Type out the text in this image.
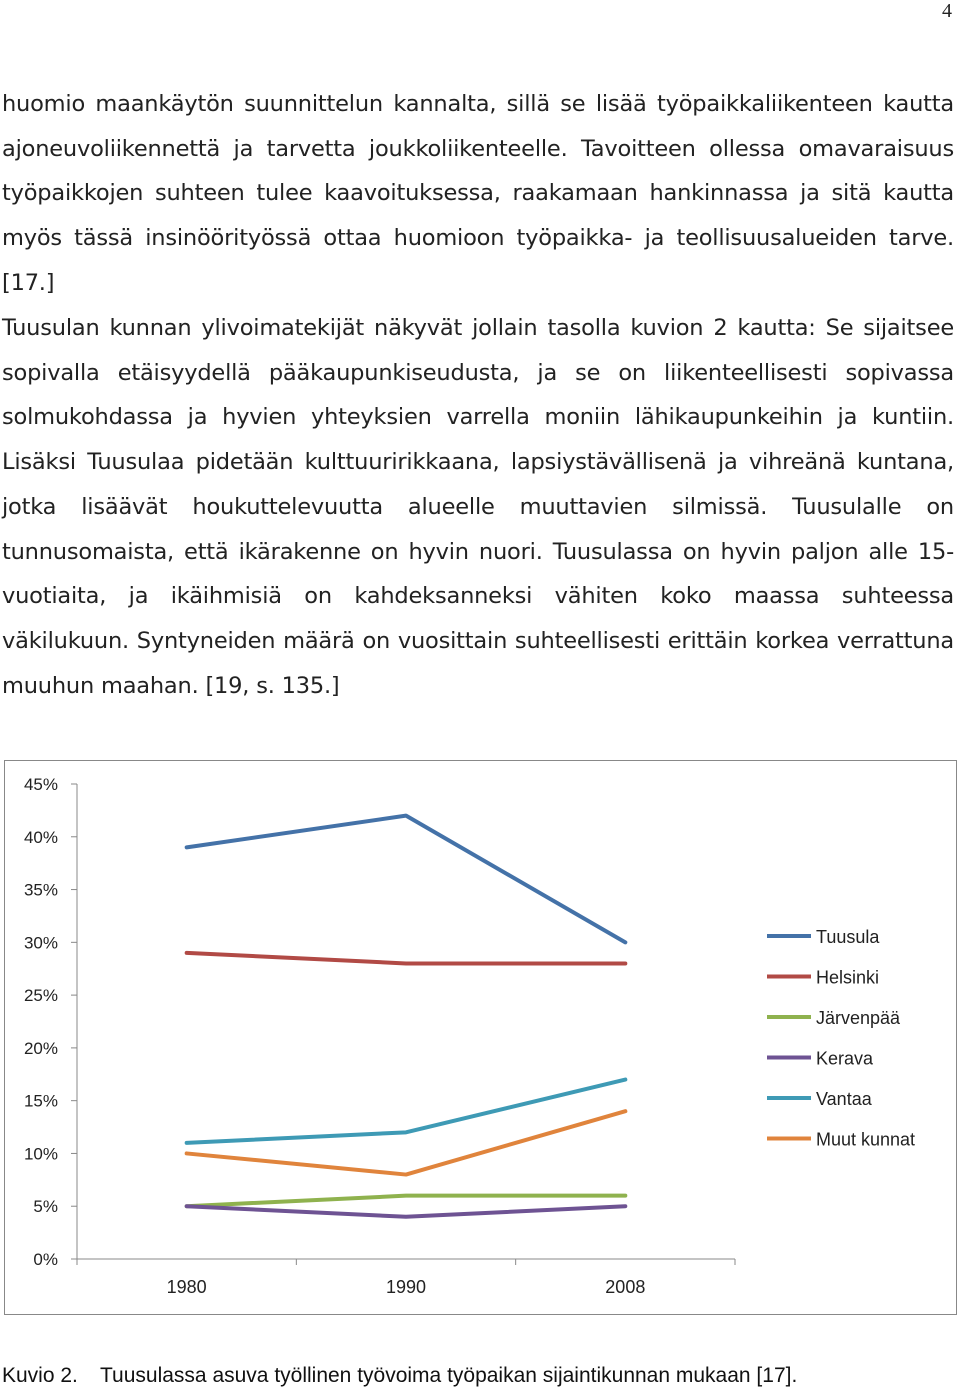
4

huomio maankäytön suunnittelun kannalta, sillä se lisää työpaikkaliikenteen kautta ajoneuvoliikennettä ja tarvetta joukkoliikenteelle. Tavoitteen ollessa omavaraisuus työpaikkojen suhteen tulee kaavoituksessa, raakamaan hankinnassa ja sitä kautta myös tässä insinöörityössä ottaa huomioon työpaikka- ja teollisuusalueiden tarve. [17.]

Tuusulan kunnan ylivoimatekijät näkyvät jollain tasolla kuvion 2 kautta: Se sijaitsee sopivalla etäisyydellä pääkaupunkiseudusta, ja se on liikenteellisesti sopivassa solmukohdassa ja hyvien yhteyksien varrella moniin lähikaupunkeihin ja kuntiin. Lisäksi Tuusulaa pidetään kulttuuririkkaana, lapsiystävällisenä ja vihreänä kuntana, jotka lisäävät houkuttelevuutta alueelle muuttavien silmissä. Tuusulalle on tunnusomaista, että ikärakenne on hyvin nuori. Tuusulassa on hyvin paljon alle 15-vuotiaita, ja ikäihmisiä on kahdeksanneksi vähiten koko maassa suhteessa väkilukuun. Syntyneiden määrä on vuosittain suhteellisesti erittäin korkea verrattuna muuhun maahan. [19, s. 135.]

0%
5%
10%
15%
20%
25%
30%
35%
40%
45%
1980	1990	2008
Tuusula
Helsinki
Järvenpää
Kerava
Vantaa
Muut kunnat
Kuvio 2. Tuusulassa asuva työllinen työvoima työpaikan sijaintikunnan mukaan [17].
